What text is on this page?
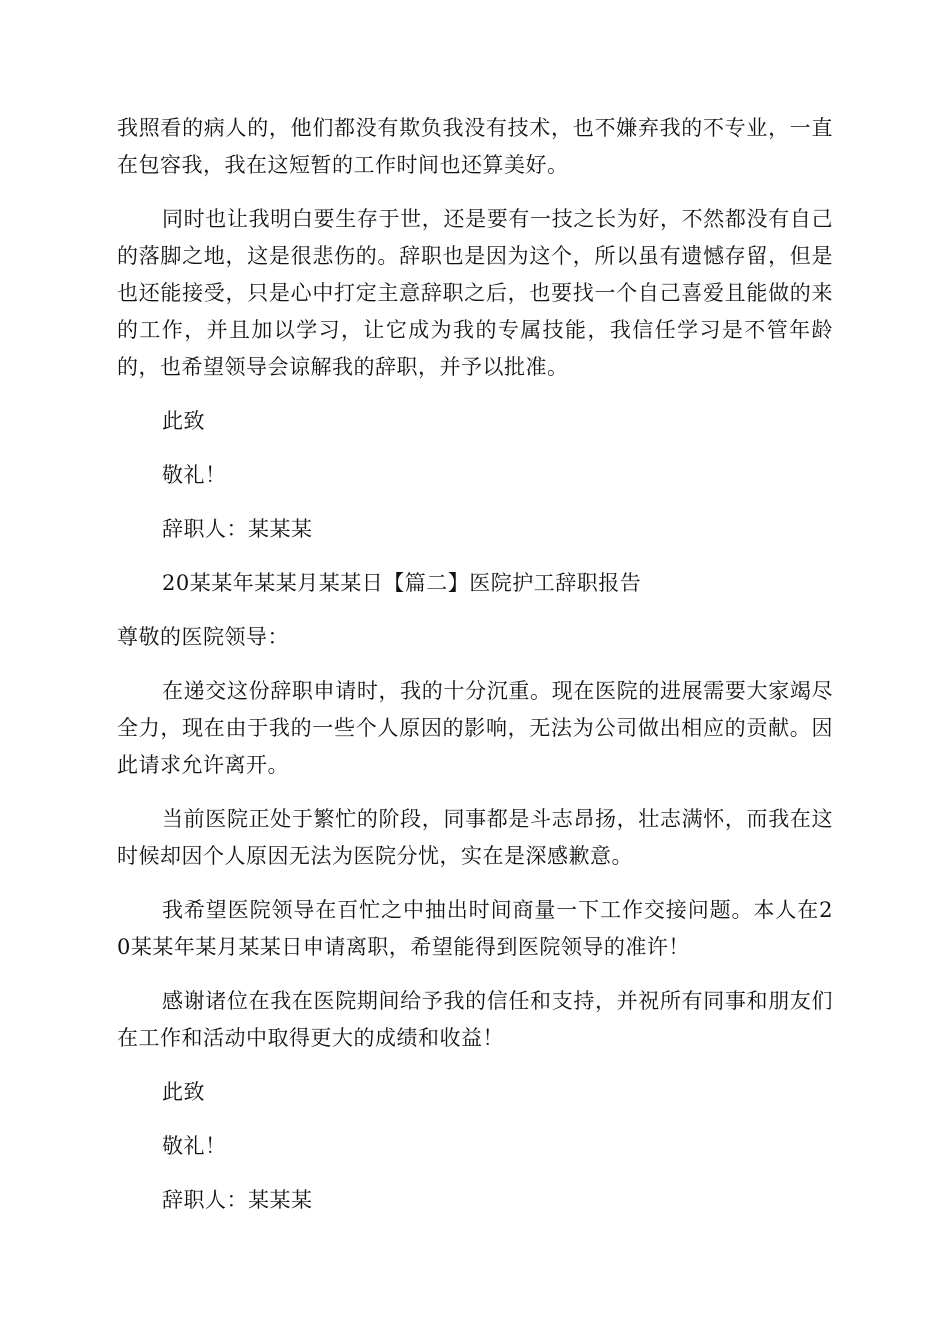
我照看的病人的，他们都没有欺负我没有技术，也不嫌弃我的不专业，一直在包容我，我在这短暂的工作时间也还算美好。

同时也让我明白要生存于世，还是要有一技之长为好，不然都没有自己的落脚之地，这是很悲伤的。辞职也是因为这个，所以虽有遗憾存留，但是也还能接受，只是心中打定主意辞职之后，也要找一个自己喜爱且能做的来的工作，并且加以学习，让它成为我的专属技能，我信任学习是不管年龄的，也希望领导会谅解我的辞职，并予以批准。

此致

敬礼！

辞职人：某某某

20某某年某某月某某日【篇二】医院护工辞职报告

尊敬的医院领导：

在递交这份辞职申请时，我的十分沉重。现在医院的进展需要大家竭尽全力，现在由于我的一些个人原因的影响，无法为公司做出相应的贡献。因此请求允许离开。

当前医院正处于繁忙的阶段，同事都是斗志昂扬，壮志满怀，而我在这时候却因个人原因无法为医院分忧，实在是深感歉意。

我希望医院领导在百忙之中抽出时间商量一下工作交接问题。本人在20某某年某月某某日申请离职，希望能得到医院领导的准许！

感谢诸位在我在医院期间给予我的信任和支持，并祝所有同事和朋友们在工作和活动中取得更大的成绩和收益！

此致

敬礼！

辞职人：某某某
